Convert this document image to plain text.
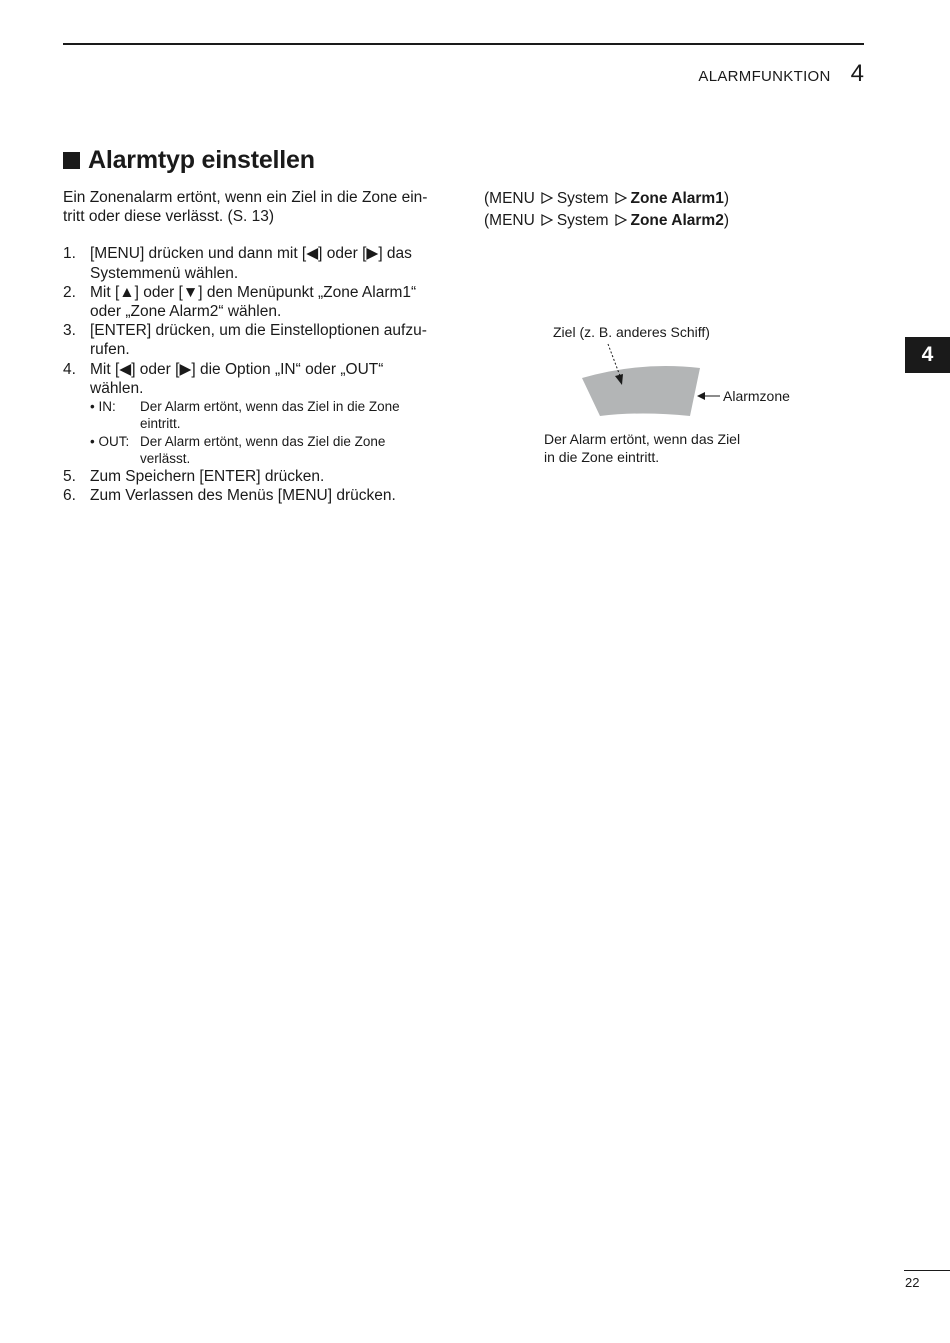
ALARMFUNKTION 4
Alarmtyp einstellen

Ein Zonenalarm ertönt, wenn ein Ziel in die Zone ein-

tritt oder diese verlässt. (S. 13)

1. [MENU] drücken und dann mit [◀] oder [▶] das
Systemmenü wählen.
2. Mit [▲] oder [▼] den Menüpunkt „Zone Alarm1“
oder „Zone Alarm2“ wählen.
3. [ENTER] drücken, um die Einstelloptionen aufzu-
rufen.
4. Mit [◀] oder [▶] die Option „IN“ oder „OUT“
wählen.
• IN:	Der Alarm ertönt, wenn das Ziel in die Zone
eintritt.
• OUT: Der Alarm ertönt, wenn das Ziel die Zone
verlässt.
5. Zum Speichern [ENTER] drücken.
6. Zum Verlassen des Menüs [MENU] drücken.
(MENU System Zone Alarm1)
(MENU System Zone Alarm2)
Ziel (z. B. anderes Schiff)
Alarmzone
Der Alarm ertönt, wenn das Ziel
in die Zone eintritt.
4
22
